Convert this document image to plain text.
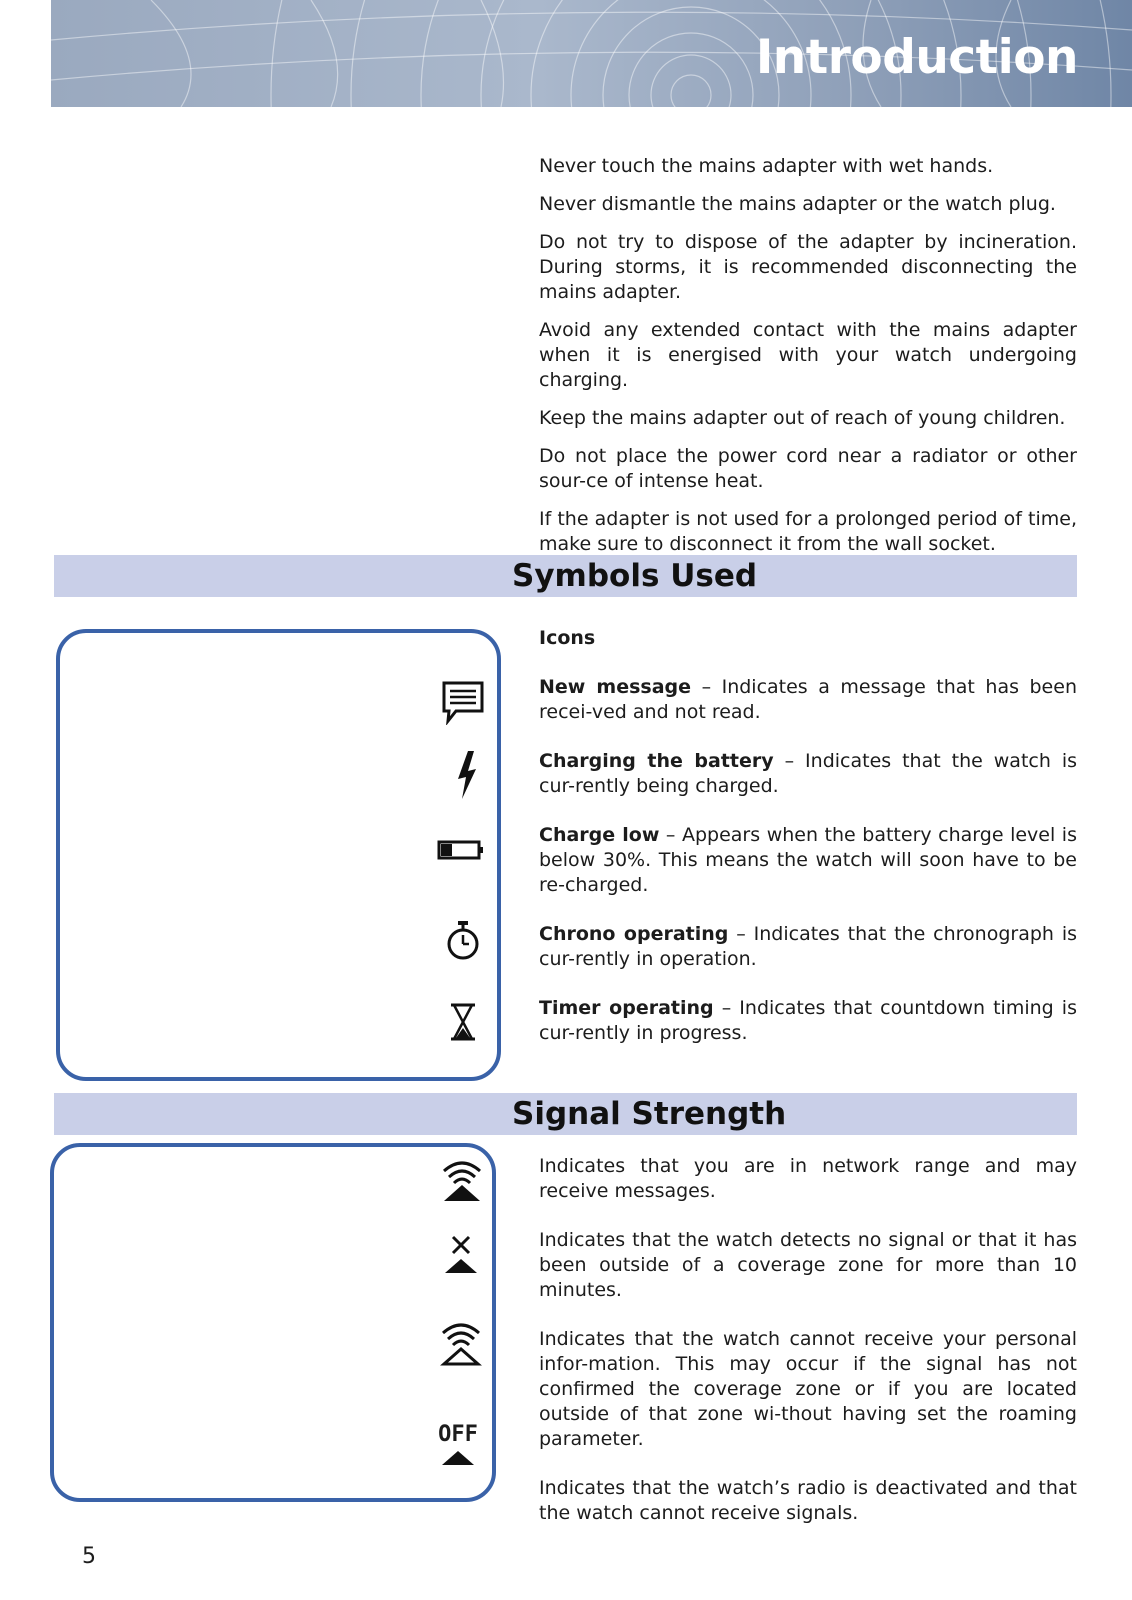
Introduction

Never touch the mains adapter with wet hands.

Never dismantle the mains adapter or the watch plug.

Do not try to dispose of the adapter by incineration. During storms, it is recommended disconnecting the mains adapter.

Avoid any extended contact with the mains adapter when it is energised with your watch undergoing charging.

Keep the mains adapter out of reach of young children.

Do not place the power cord near a radiator or other sour-ce of intense heat.

If the adapter is not used for a prolonged period of time, make sure to disconnect it from the wall socket.

Symbols Used

Icons

New message – Indicates a message that has been recei-ved and not read.

Charging the battery – Indicates that the watch is cur-rently being charged.

Charge low – Appears when the battery charge level is below 30%. This means the watch will soon have to be re-charged.

Chrono operating – Indicates that the chronograph is cur-rently in operation.

Timer operating – Indicates that countdown timing is cur-rently in progress.

Signal Strength
OFF

Indicates that you are in network range and may receive messages.

Indicates that the watch detects no signal or that it has been outside of a coverage zone for more than 10 minutes.

Indicates that the watch cannot receive your personal infor-mation. This may occur if the signal has not confirmed the coverage zone or if you are located outside of that zone wi-thout having set the roaming parameter.

Indicates that the watch’s radio is deactivated and that the watch cannot receive signals.

5
